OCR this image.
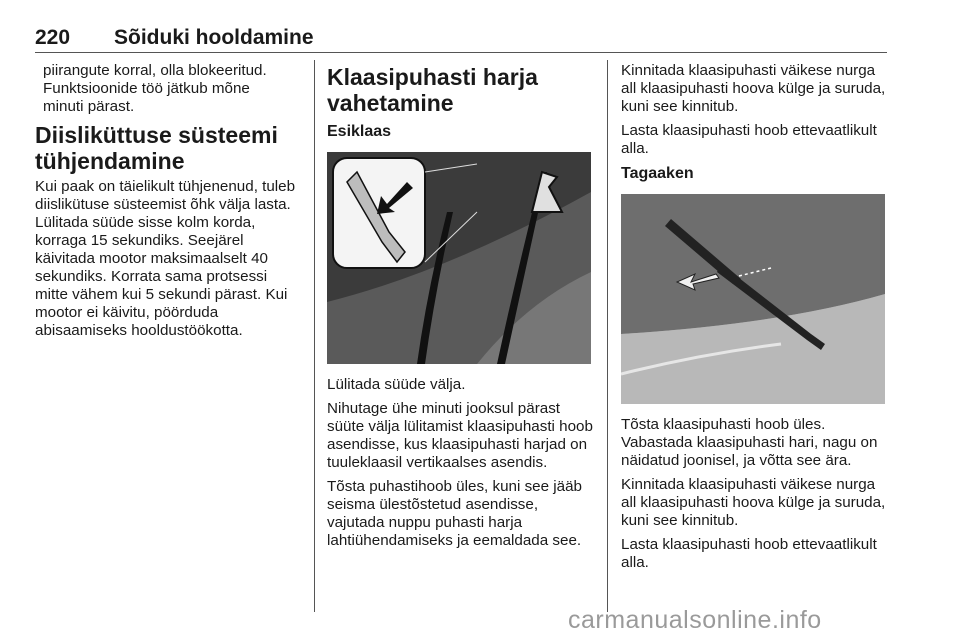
220 Sõiduki hooldamine

piirangute korral, olla blokeeritud.
Funktsioonide töö jätkub mõne
minuti pärast.

Diisliküttuse süsteemi
tühjendamine

Kui paak on täielikult tühjenenud, tuleb diislikütuse süsteemist õhk välja lasta. Lülitada süüde sisse kolm korda, korraga 15 sekundiks. Seejärel käivitada mootor maksimaalselt 40 sekundiks. Korrata sama protsessi mitte vähem kui 5 sekundi pärast. Kui mootor ei käivitu, pöörduda abisaamiseks hooldustöökotta.

Klaasipuhasti harja
vahetamine
Esiklaas

Lülitada süüde välja.

Nihutage ühe minuti jooksul pärast süüte välja lülitamist klaasipuhasti hoob asendisse, kus klaasipuhasti harjad on tuuleklaasil vertikaalses asendis.

Tõsta puhastihoob üles, kuni see jääb seisma ülestõstetud asendisse, vajutada nuppu puhasti harja lahtiühendamiseks ja eemaldada see.

Kinnitada klaasipuhasti väikese nurga all klaasipuhasti hoova külge ja suruda, kuni see kinnitub.

Lasta klaasipuhasti hoob ettevaatlikult alla.

Tagaaken

Tõsta klaasipuhasti hoob üles. Vabastada klaasipuhasti hari, nagu on näidatud joonisel, ja võtta see ära.

Kinnitada klaasipuhasti väikese nurga all klaasipuhasti hoova külge ja suruda, kuni see kinnitub.

Lasta klaasipuhasti hoob ettevaatlikult alla.

carmanualsonline.info
